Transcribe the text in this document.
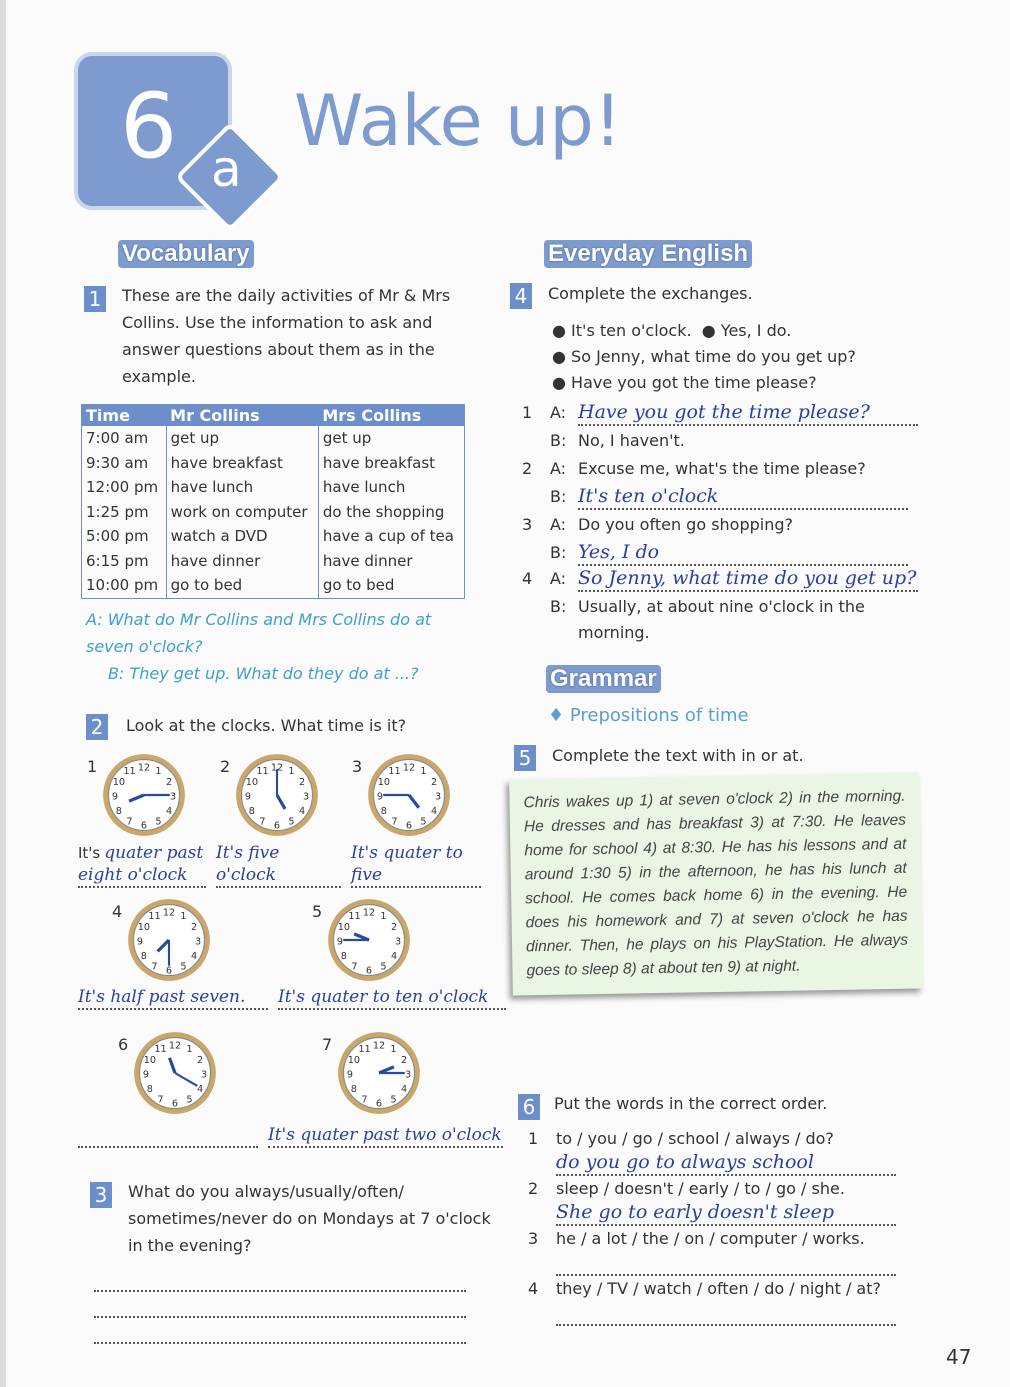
6 a
Wake up!
Vocabulary
1 These are the daily activities of Mr & Mrs Collins. Use the information to ask and answer questions about them as in the example.
Time	Mr Collins	Mrs Collins
7:00 am	get up	get up
9:30 am	have breakfast	have breakfast
12:00 pm	have lunch	have lunch
1:25 pm	work on computer	do the shopping
5:00 pm	watch a DVD	have a cup of tea
6:15 pm	have dinner	have dinner
10:00 pm	go to bed	go to bed
A: What do Mr Collins and Mrs Collins do at seven o'clock?
B: They get up. What do they do at ...?
2 Look at the clocks. What time is it?
3 What do you always/usually/often/ sometimes/never do on Mondays at 7 o'clock in the evening?
Everyday English
4 Complete the exchanges.
● It's ten o'clock.  ● Yes, I do.
● So Jenny, what time do you get up?
● Have you got the time please?
Grammar
♦ Prepositions of time
5 Complete the text with in or at.
Chris wakes up 1) at seven o'clock 2) in the morning. He dresses and has breakfast 3) at 7:30. He leaves home for school 4) at 8:30. He has his lessons and at around 1:30 5) in the afternoon, he has his lunch at school. He comes back home 6) in the evening. He does his homework and 7) at seven o'clock he has dinner. Then, he plays on his PlayStation. He always goes to sleep 8) at about ten 9) at night.
6 Put the words in the correct order.
47
1	1
2
3
4
5
6
7
8
9
10
11 12
It's quater past eight o'clock
2	1
2
3
4
5
6
7
8
9
10
11 12
It's five o'clock
3	1
2
3
4
5
6
7
8
9
10
11 12
It's quater to five
4	1
2
3
4
5
6
7
8
9
10
11 12
It's half past seven.
5	1
2
3
4
5
6
7
8
9
10
11 12
It's quater to ten o'clock
6	1
2
3
4
5
6
7
8
9
10
11 12	7	1
2
3
4
5
6
7
8
9
10
11 12
It's quater past two o'clock
1 A:
B:
Have you got the time please?
No, I haven't.
2 A:
B:
Excuse me, what's the time please?
It's ten o'clock
3 A:
B:
Do you often go shopping?
Yes, I do
4 A:
B:
So Jenny, what time do you get up?
Usually, at about nine o'clock in the morning.
1 to / you / go / school / always / do?
do you go to always school
2 sleep / doesn't / early / to / go / she.
She go to early doesn't sleep
3 he / a lot / the / on / computer / works.
4 they / TV / watch / often / do / night / at?
